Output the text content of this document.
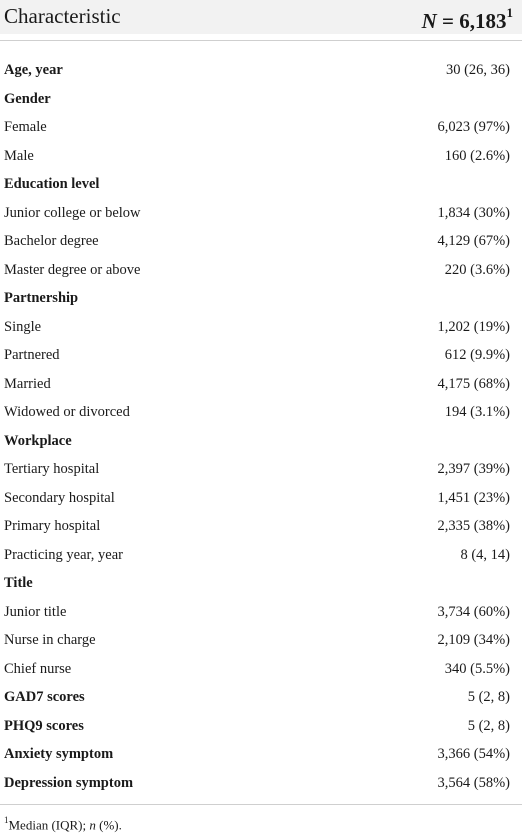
Characteristic	$N = 6,183^1$
Age, year	30 (26, 36)
Gender
Female	6,023 (97%)
Male	160 (2.6%)
Education level
Junior college or below	1,834 (30%)
Bachelor degree	4,129 (67%)
Master degree or above	220 (3.6%)
Partnership
Single	1,202 (19%)
Partnered	612 (9.9%)
Married	4,175 (68%)
Widowed or divorced	194 (3.1%)
Workplace
Tertiary hospital	2,397 (39%)
Secondary hospital	1,451 (23%)
Primary hospital	2,335 (38%)
Practicing year, year	8 (4, 14)
Title
Junior title	3,734 (60%)
Nurse in charge	2,109 (34%)
Chief nurse	340 (5.5%)
GAD7 scores	5 (2, 8)
PHQ9 scores	5 (2, 8)
Anxiety symptom	3,366 (54%)
Depression symptom	3,564 (58%)
$^1$Median (IQR); n (%).
